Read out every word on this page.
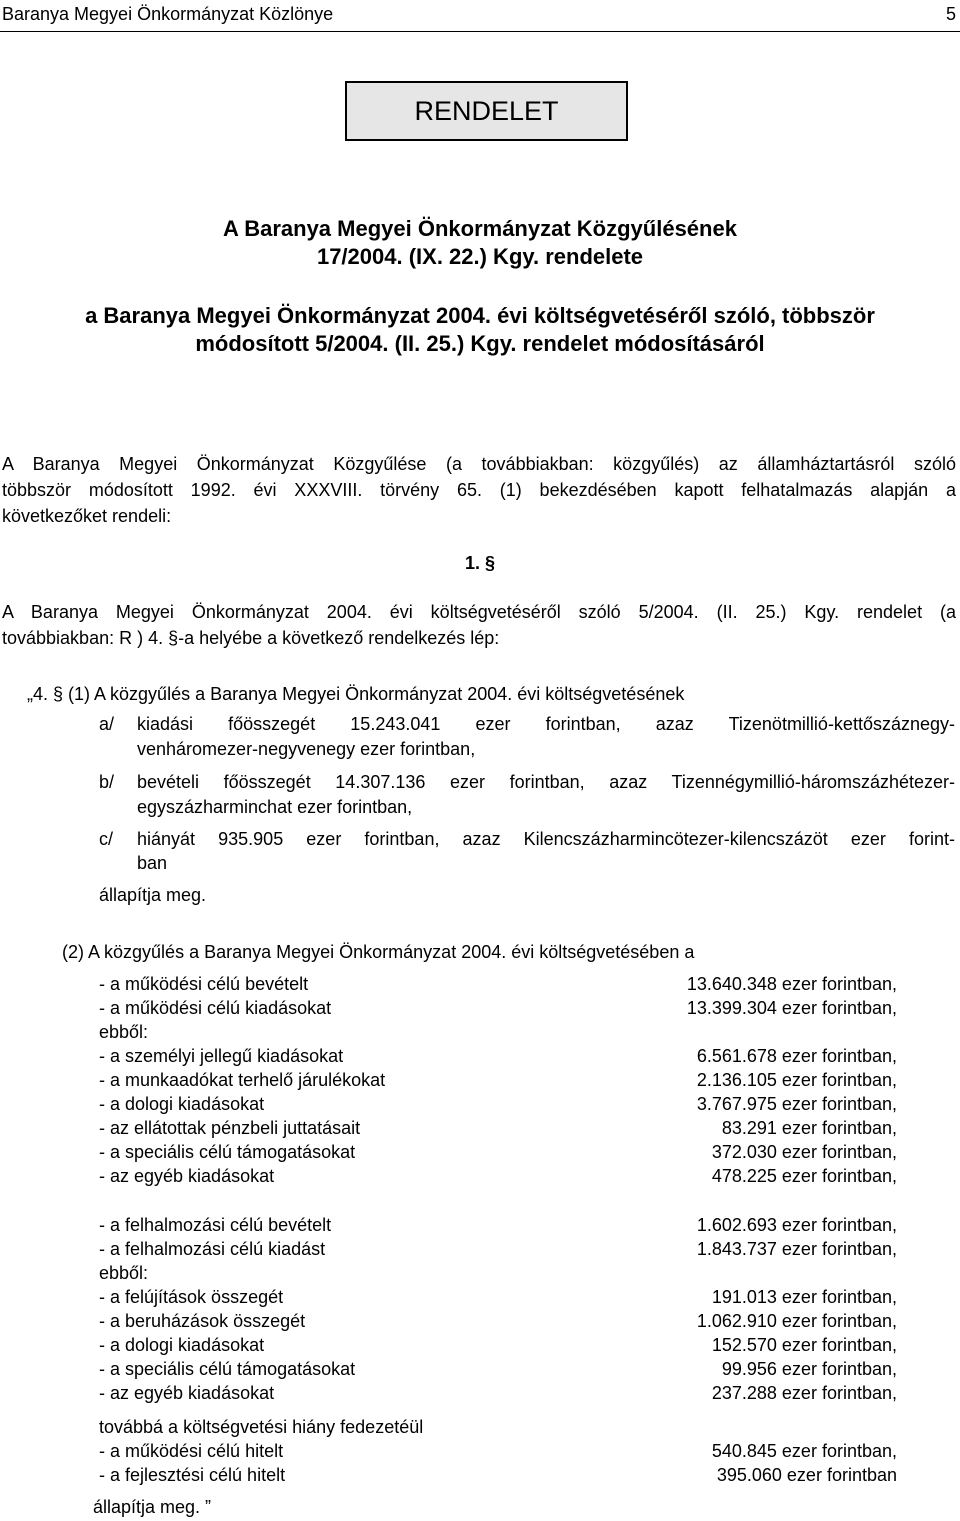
Baranya Megyei Önkormányzat Közlönye	5
RENDELET
A Baranya Megyei Önkormányzat Közgyűlésének
17/2004. (IX. 22.) Kgy. rendelete
a Baranya Megyei Önkormányzat 2004. évi költségvetéséről szóló, többször
módosított 5/2004. (II. 25.) Kgy. rendelet módosításáról
A Baranya Megyei Önkormányzat Közgyűlése (a továbbiakban: közgyűlés) az államháztartásról szóló
többször módosított 1992. évi XXXVIII. törvény 65. (1) bekezdésében kapott felhatalmazás alapján a
következőket rendeli:
1. §
A Baranya Megyei Önkormányzat 2004. évi költségvetéséről szóló 5/2004. (II. 25.) Kgy. rendelet (a
továbbiakban: R ) 4. §-a helyébe a következő rendelkezés lép:
„4. § (1) A közgyűlés a Baranya Megyei Önkormányzat 2004. évi költségvetésének
a/ kiadási főösszegét 15.243.041 ezer forintban, azaz Tizenötmillió-kettőszáznegy-
venháromezer-negyvenegy ezer forintban,
b/ bevételi főösszegét 14.307.136 ezer forintban, azaz Tizennégymillió-háromszázhétezer-
egyszázharminchat ezer forintban,
c/ hiányát 935.905 ezer forintban, azaz Kilencszázharmincötezer-kilencszázöt ezer forint-
ban
állapítja meg.
(2) A közgyűlés a Baranya Megyei Önkormányzat 2004. évi költségvetésében a
- a működési célú bevételt	13.640.348 ezer forintban,
- a működési célú kiadásokat	13.399.304 ezer forintban,
ebből:
- a személyi jellegű kiadásokat	6.561.678 ezer forintban,
- a munkaadókat terhelő járulékokat	2.136.105 ezer forintban,
- a dologi kiadásokat	3.767.975 ezer forintban,
- az ellátottak pénzbeli juttatásait	83.291 ezer forintban,
- a speciális célú támogatásokat	372.030 ezer forintban,
- az egyéb kiadásokat	478.225 ezer forintban,
- a felhalmozási célú bevételt	1.602.693 ezer forintban,
- a felhalmozási célú kiadást	1.843.737 ezer forintban,
ebből:
- a felújítások összegét	191.013 ezer forintban,
- a beruházások összegét	1.062.910 ezer forintban,
- a dologi kiadásokat	152.570 ezer forintban,
- a speciális célú támogatásokat	99.956 ezer forintban,
- az egyéb kiadásokat	237.288 ezer forintban,
továbbá a költségvetési hiány fedezetéül
- a működési célú hitelt	540.845 ezer forintban,
- a fejlesztési célú hitelt	395.060 ezer forintban
állapítja meg. ”
